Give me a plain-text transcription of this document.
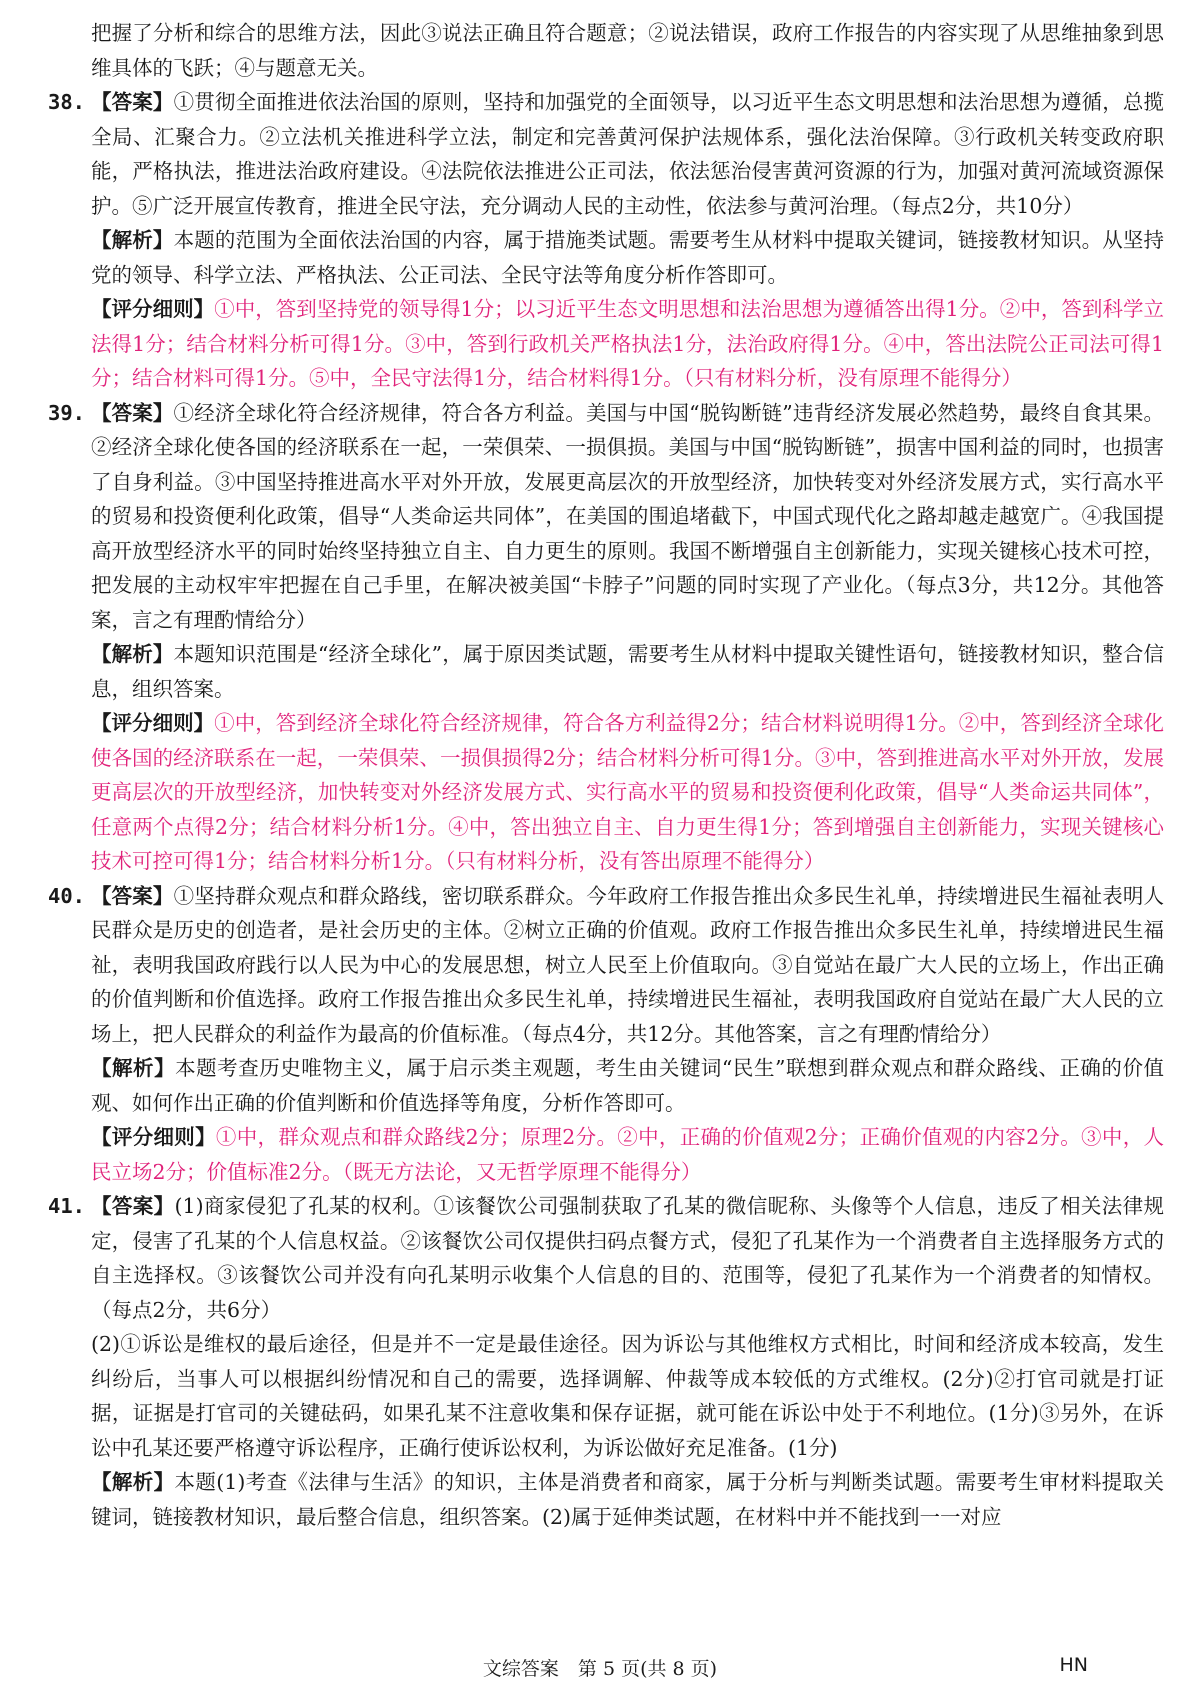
把握了分析和综合的思维方法，因此③说法正确且符合题意；②说法错误，政府工作报告的内容实现了从思维抽象到思维具体的飞跃；④与题意无关。

38. 【答案】①贯彻全面推进依法治国的原则，坚持和加强党的全面领导，以习近平生态文明思想和法治思想为遵循，总揽全局、汇聚合力。②立法机关推进科学立法，制定和完善黄河保护法规体系，强化法治保障。③行政机关转变政府职能，严格执法，推进法治政府建设。④法院依法推进公正司法，依法惩治侵害黄河资源的行为，加强对黄河流域资源保护。⑤广泛开展宣传教育，推进全民守法，充分调动人民的主动性，依法参与黄河治理。（每点2分，共10分）

【解析】本题的范围为全面依法治国的内容，属于措施类试题。需要考生从材料中提取关键词，链接教材知识。从坚持党的领导、科学立法、严格执法、公正司法、全民守法等角度分析作答即可。

【评分细则】①中，答到坚持党的领导得1分；以习近平生态文明思想和法治思想为遵循答出得1分。②中，答到科学立法得1分；结合材料分析可得1分。③中，答到行政机关严格执法1分，法治政府得1分。④中，答出法院公正司法可得1分；结合材料可得1分。⑤中，全民守法得1分，结合材料得1分。（只有材料分析，没有原理不能得分）

39. 【答案】①经济全球化符合经济规律，符合各方利益。美国与中国“脱钩断链”违背经济发展必然趋势，最终自食其果。②经济全球化使各国的经济联系在一起，一荣俱荣、一损俱损。美国与中国“脱钩断链”，损害中国利益的同时，也损害了自身利益。③中国坚持推进高水平对外开放，发展更高层次的开放型经济，加快转变对外经济发展方式，实行高水平的贸易和投资便利化政策，倡导“人类命运共同体”，在美国的围追堵截下，中国式现代化之路却越走越宽广。④我国提高开放型经济水平的同时始终坚持独立自主、自力更生的原则。我国不断增强自主创新能力，实现关键核心技术可控，把发展的主动权牢牢把握在自己手里，在解决被美国“卡脖子”问题的同时实现了产业化。（每点3分，共12分。其他答案，言之有理酌情给分）

【解析】本题知识范围是“经济全球化”，属于原因类试题，需要考生从材料中提取关键性语句，链接教材知识，整合信息，组织答案。

【评分细则】①中，答到经济全球化符合经济规律，符合各方利益得2分；结合材料说明得1分。②中，答到经济全球化使各国的经济联系在一起，一荣俱荣、一损俱损得2分；结合材料分析可得1分。③中，答到推进高水平对外开放，发展更高层次的开放型经济，加快转变对外经济发展方式、实行高水平的贸易和投资便利化政策，倡导“人类命运共同体”，任意两个点得2分；结合材料分析1分。④中，答出独立自主、自力更生得1分；答到增强自主创新能力，实现关键核心技术可控可得1分；结合材料分析1分。（只有材料分析，没有答出原理不能得分）

40. 【答案】①坚持群众观点和群众路线，密切联系群众。今年政府工作报告推出众多民生礼单，持续增进民生福祉表明人民群众是历史的创造者，是社会历史的主体。②树立正确的价值观。政府工作报告推出众多民生礼单，持续增进民生福祉，表明我国政府践行以人民为中心的发展思想，树立人民至上价值取向。③自觉站在最广大人民的立场上，作出正确的价值判断和价值选择。政府工作报告推出众多民生礼单，持续增进民生福祉，表明我国政府自觉站在最广大人民的立场上，把人民群众的利益作为最高的价值标准。（每点4分，共12分。其他答案，言之有理酌情给分）

【解析】本题考查历史唯物主义，属于启示类主观题，考生由关键词“民生”联想到群众观点和群众路线、正确的价值观、如何作出正确的价值判断和价值选择等角度，分析作答即可。

【评分细则】①中，群众观点和群众路线2分；原理2分。②中，正确的价值观2分；正确价值观的内容2分。③中，人民立场2分；价值标准2分。（既无方法论，又无哲学原理不能得分）

41. 【答案】(1)商家侵犯了孔某的权利。①该餐饮公司强制获取了孔某的微信昵称、头像等个人信息，违反了相关法律规定，侵害了孔某的个人信息权益。②该餐饮公司仅提供扫码点餐方式，侵犯了孔某作为一个消费者自主选择服务方式的自主选择权。③该餐饮公司并没有向孔某明示收集个人信息的目的、范围等，侵犯了孔某作为一个消费者的知情权。（每点2分，共6分）

(2)①诉讼是维权的最后途径，但是并不一定是最佳途径。因为诉讼与其他维权方式相比，时间和经济成本较高，发生纠纷后，当事人可以根据纠纷情况和自己的需要，选择调解、仲裁等成本较低的方式维权。(2分)②打官司就是打证据，证据是打官司的关键砝码，如果孔某不注意收集和保存证据，就可能在诉讼中处于不利地位。(1分)③另外，在诉讼中孔某还要严格遵守诉讼程序，正确行使诉讼权利，为诉讼做好充足准备。(1分)

【解析】本题(1)考查《法律与生活》的知识，主体是消费者和商家，属于分析与判断类试题。需要考生审材料提取关键词，链接教材知识，最后整合信息，组织答案。(2)属于延伸类试题，在材料中并不能找到一一对应

文综答案　第 5 页(共 8 页)	HN
